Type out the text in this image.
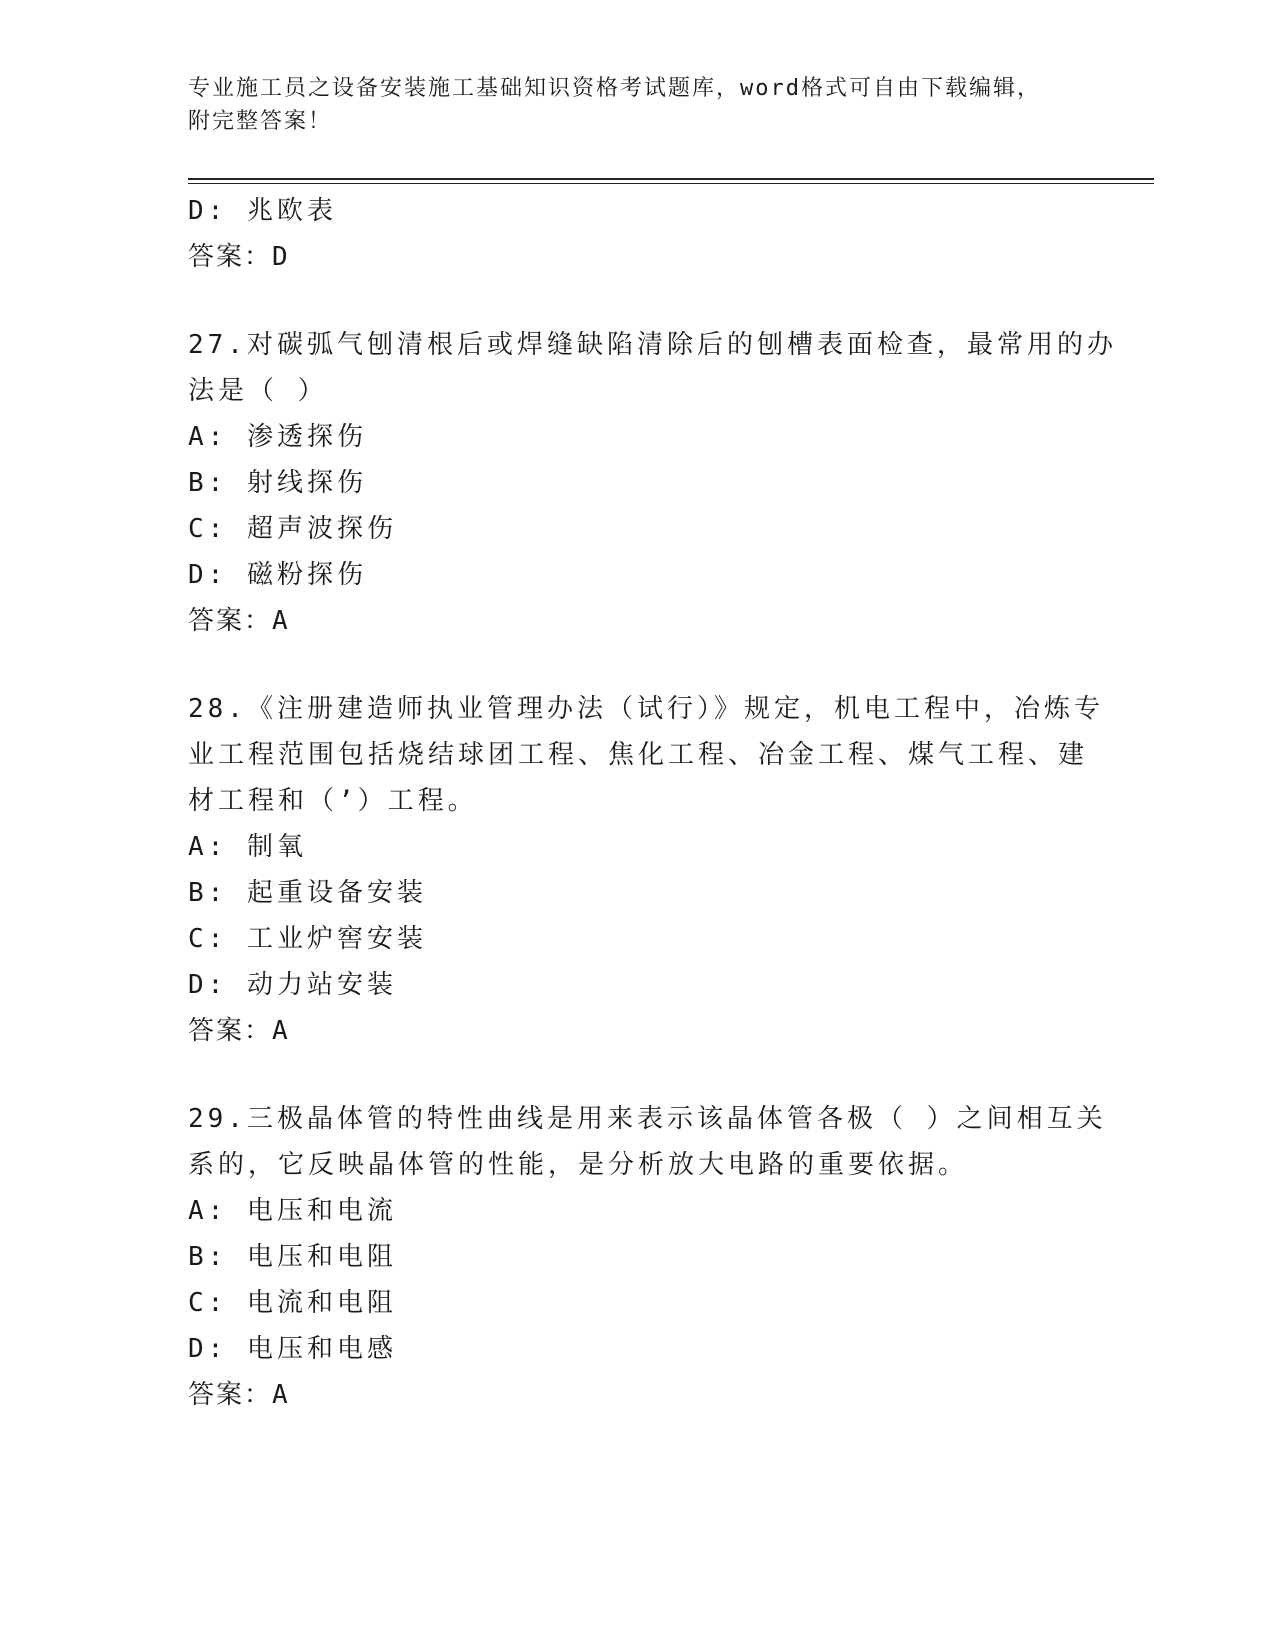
专业施工员之设备安装施工基础知识资格考试题库，word格式可自由下载编辑，
附完整答案！
D: 兆欧表
答案：D
27.对碳弧气刨清根后或焊缝缺陷清除后的刨槽表面检查，最常用的办
法是（ ）
A: 渗透探伤
B: 射线探伤
C: 超声波探伤
D: 磁粉探伤
答案：A
28.《注册建造师执业管理办法（试行）》规定，机电工程中，冶炼专
业工程范围包括烧结球团工程、焦化工程、冶金工程、煤气工程、建
材工程和（’）工程。
A: 制氧
B: 起重设备安装
C: 工业炉窖安装
D: 动力站安装
答案：A
29.三极晶体管的特性曲线是用来表示该晶体管各极（ ）之间相互关
系的，它反映晶体管的性能，是分析放大电路的重要依据。
A: 电压和电流
B: 电压和电阻
C: 电流和电阻
D: 电压和电感
答案：A
